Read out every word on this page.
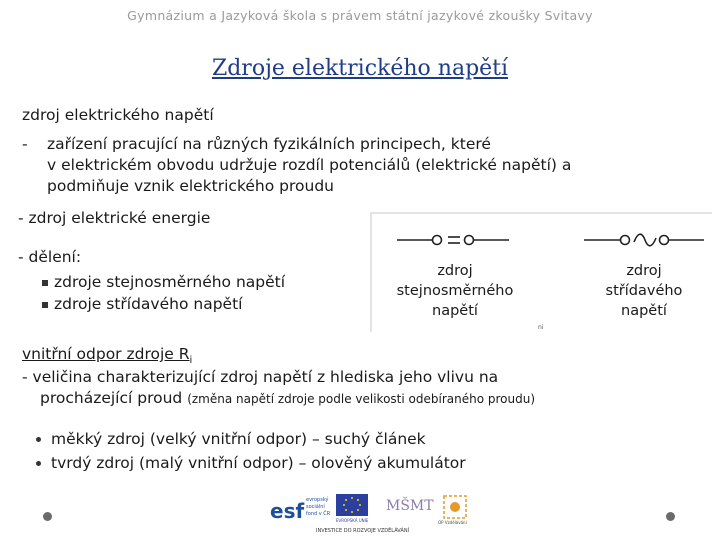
Gymnázium a Jazyková škola s právem státní jazykové zkoušky Svitavy
Zdroje elektrického napětí
zdroj elektrického napětí
- zařízení pracující na různých fyzikálních principech, které
v elektrickém obvodu udržuje rozdíl potenciálů (elektrické napětí) a
podmiňuje vznik elektrického proudu
- zdroj elektrické energie
- dělení:
zdroje stejnosměrného napětí
zdroje střídavého napětí
zdroj
stejnosměrného
napětí
zdroj
střídavého
napětí
ni
vnitřní odpor zdroje $R_i$
- veličina charakterizující zdroj napětí z hlediska jeho vlivu na
procházející proud (změna napětí zdroje podle velikosti odebíraného proudu)
měkký zdroj (velký vnitřní odpor) – suchý článek
tvrdý zdroj (malý vnitřní odpor) – olověný akumulátor
esf evropský
sociální
fond v ČR
EVROPSKÁ UNIE
MŠMT
OP Vzdělávání
INVESTICE DO ROZVOJE VZDĚLÁVÁNÍ
